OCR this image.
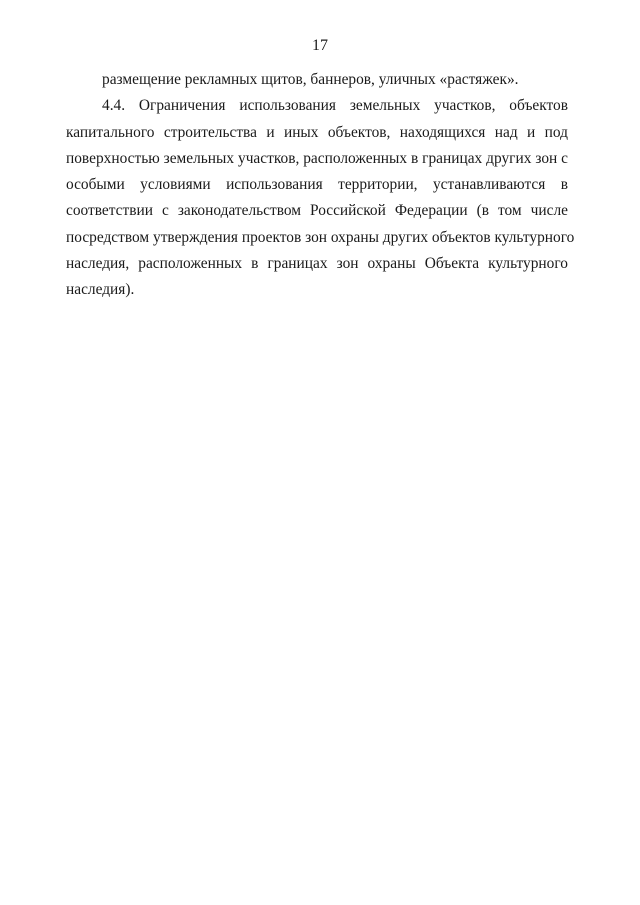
17

размещение рекламных щитов, баннеров, уличных «растяжек».

4.4. Ограничения использования земельных участков, объектов
капитального строительства и иных объектов, находящихся над и под
поверхностью земельных участков, расположенных в границах других зон с
особыми условиями использования территории, устанавливаются в
соответствии с законодательством Российской Федерации (в том числе
посредством утверждения проектов зон охраны других объектов культурного
наследия, расположенных в границах зон охраны Объекта культурного
наследия).
